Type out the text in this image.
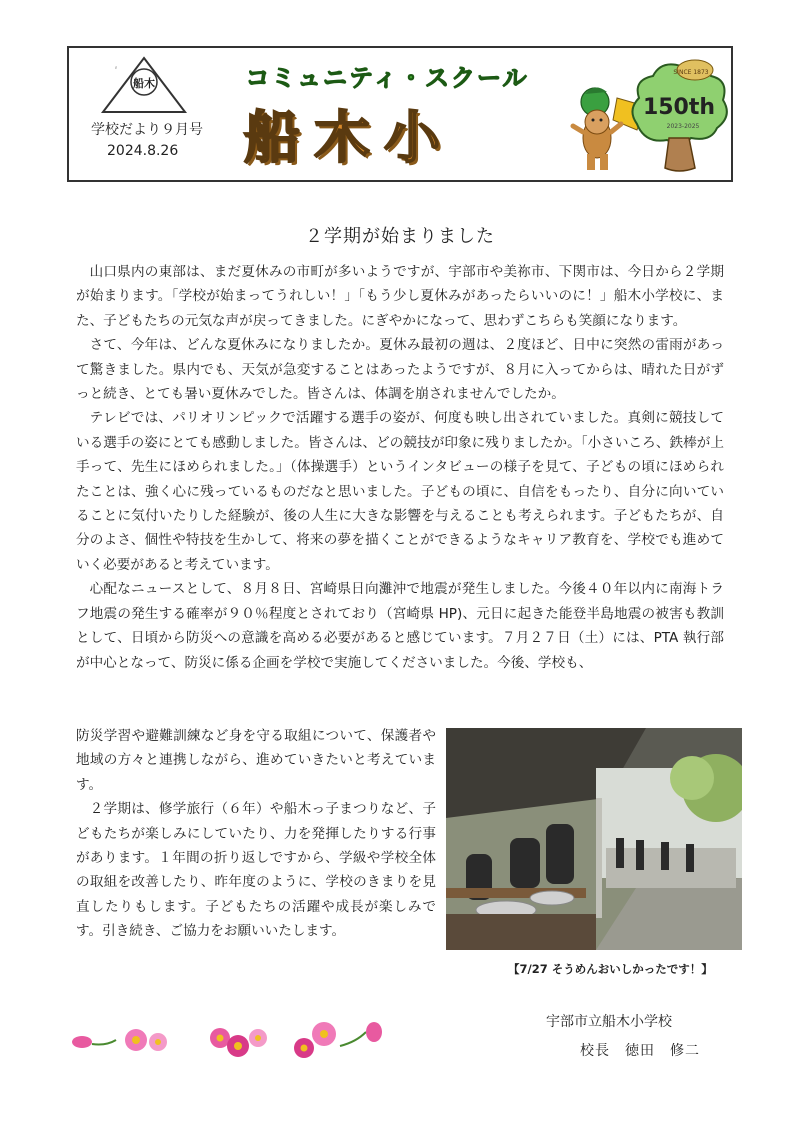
船木
ﾟ
学校だより９月号
2024.8.26
コミュニティ・スクール
船木小
SINCE 1873
150th
2023-2025
２学期が始まりました

山口県内の東部は、まだ夏休みの市町が多いようですが、宇部市や美祢市、下関市は、今日から２学期が始まります。「学校が始まってうれしい！」「もう少し夏休みがあったらいいのに！」船木小学校に、また、子どもたちの元気な声が戻ってきました。にぎやかになって、思わずこちらも笑顔になります。

さて、今年は、どんな夏休みになりましたか。夏休み最初の週は、２度ほど、日中に突然の雷雨があって驚きました。県内でも、天気が急変することはあったようですが、８月に入ってからは、晴れた日がずっと続き、とても暑い夏休みでした。皆さんは、体調を崩されませんでしたか。

テレビでは、パリオリンピックで活躍する選手の姿が、何度も映し出されていました。真剣に競技している選手の姿にとても感動しました。皆さんは、どの競技が印象に残りましたか。「小さいころ、鉄棒が上手って、先生にほめられました。」（体操選手）というインタビューの様子を見て、子どもの頃にほめられたことは、強く心に残っているものだなと思いました。子どもの頃に、自信をもったり、自分に向いていることに気付いたりした経験が、後の人生に大きな影響を与えることも考えられます。子どもたちが、自分のよさ、個性や特技を生かして、将来の夢を描くことができるようなキャリア教育を、学校でも進めていく必要があると考えています。

心配なニュースとして、８月８日、宮崎県日向灘沖で地震が発生しました。今後４０年以内に南海トラフ地震の発生する確率が９０％程度とされており（宮崎県 HP)、元日に起きた能登半島地震の被害も教訓として、日頃から防災への意識を高める必要があると感じています。７月２７日（土）には、PTA 執行部が中心となって、防災に係る企画を学校で実施してくださいました。今後、学校も、

防災学習や避難訓練など身を守る取組について、保護者や地域の方々と連携しながら、進めていきたいと考えています。

２学期は、修学旅行（６年）や船木っ子まつりなど、子どもたちが楽しみにしていたり、力を発揮したりする行事があります。１年間の折り返しですから、学級や学校全体の取組を改善したり、昨年度のように、学校のきまりを見直したりもします。子どもたちの活躍や成長が楽しみです。引き続き、ご協力をお願いいたします。

【7/27 そうめんおいしかったです！】
宇部市立船木小学校
校長　徳田　修二
